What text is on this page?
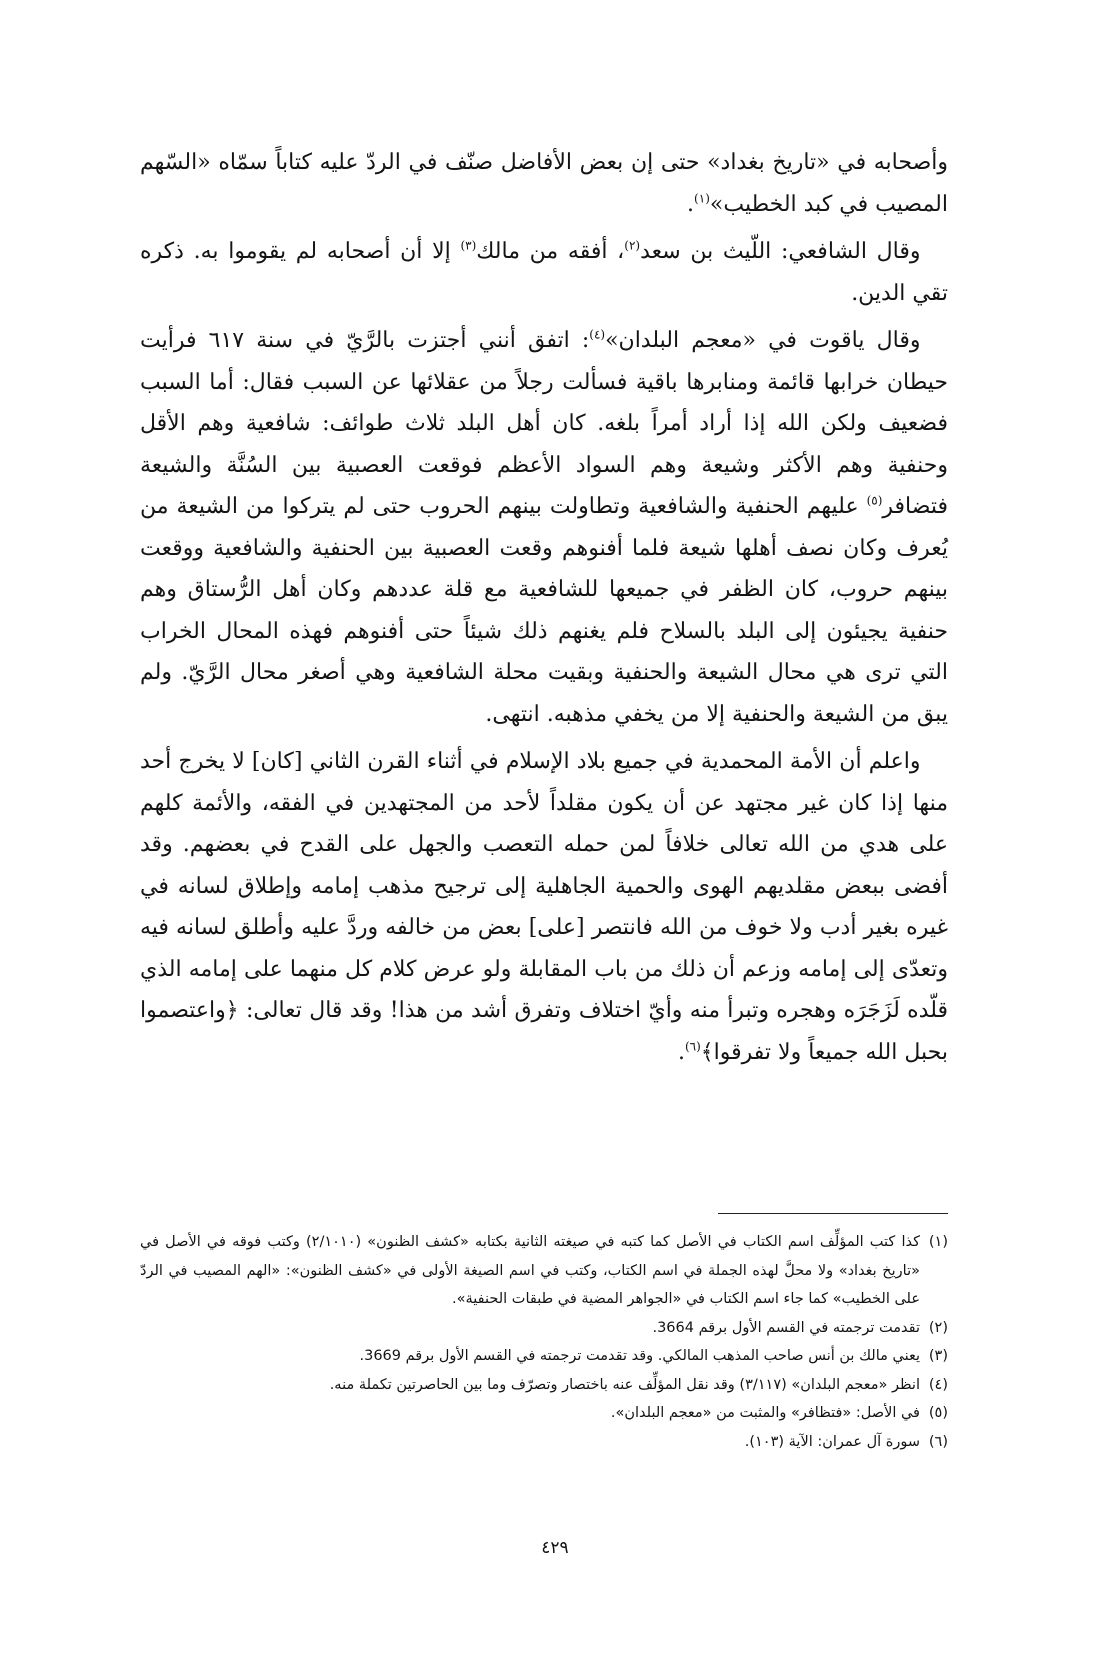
وأصحابه في «تاريخ بغداد» حتى إن بعض الأفاضل صنّف في الردّ عليه كتاباً سمّاه «السّهم المصيب في كبد الخطيب»$^{(١)}$.

وقال الشافعي: اللّيث بن سعد$^{(٢)}$، أفقه من مالك$^{(٣)}$ إلا أن أصحابه لم يقوموا به. ذكره تقي الدين.

وقال ياقوت في «معجم البلدان»$^{(٤)}$: اتفق أنني أجتزت بالرَّيّ في سنة ٦١٧ فرأيت حيطان خرابها قائمة ومنابرها باقية فسألت رجلاً من عقلائها عن السبب فقال: أما السبب فضعيف ولكن الله إذا أراد أمراً بلغه. كان أهل البلد ثلاث طوائف: شافعية وهم الأقل وحنفية وهم الأكثر وشيعة وهم السواد الأعظم فوقعت العصبية بين السُنَّة والشيعة فتضافر$^{(٥)}$ عليهم الحنفية والشافعية وتطاولت بينهم الحروب حتى لم يتركوا من الشيعة من يُعرف وكان نصف أهلها شيعة فلما أفنوهم وقعت العصبية بين الحنفية والشافعية ووقعت بينهم حروب، كان الظفر في جميعها للشافعية مع قلة عددهم وكان أهل الرُّستاق وهم حنفية يجيئون إلى البلد بالسلاح فلم يغنهم ذلك شيئاً حتى أفنوهم فهذه المحال الخراب التي ترى هي محال الشيعة والحنفية وبقيت محلة الشافعية وهي أصغر محال الرَّيّ. ولم يبق من الشيعة والحنفية إلا من يخفي مذهبه. انتهى.

واعلم أن الأمة المحمدية في جميع بلاد الإسلام في أثناء القرن الثاني [كان] لا يخرج أحد منها إذا كان غير مجتهد عن أن يكون مقلداً لأحد من المجتهدين في الفقه، والأئمة كلهم على هدي من الله تعالى خلافاً لمن حمله التعصب والجهل على القدح في بعضهم. وقد أفضى ببعض مقلديهم الهوى والحمية الجاهلية إلى ترجيح مذهب إمامه وإطلاق لسانه في غيره بغير أدب ولا خوف من الله فانتصر [على] بعض من خالفه وردَّ عليه وأطلق لسانه فيه وتعدّى إلى إمامه وزعم أن ذلك من باب المقابلة ولو عرض كلام كل منهما على إمامه الذي قلّده لَزَجَرَه وهجره وتبرأ منه وأيّ اختلاف وتفرق أشد من هذا! وقد قال تعالى: ﴿واعتصموا بحبل الله جميعاً ولا تفرقوا﴾$^{(٦)}$.

(١)كذا كتب المؤلِّف اسم الكتاب في الأصل كما كتبه في صيغته الثانية بكتابه «كشف الظنون» (٢/١٠١٠) وكتب فوقه في الأصل في «تاريخ بغداد» ولا محلَّ لهذه الجملة في اسم الكتاب، وكتب في اسم الصيغة الأولى في «كشف الظنون»: «الهم المصيب في الردّ على الخطيب» كما جاء اسم الكتاب في «الجواهر المضية في طبقات الحنفية».

(٢)تقدمت ترجمته في القسم الأول برقم 3664.

(٣)يعني مالك بن أنس صاحب المذهب المالكي. وقد تقدمت ترجمته في القسم الأول برقم 3669.

(٤)انظر «معجم البلدان» (٣/١١٧) وقد نقل المؤلِّف عنه باختصار وتصرّف وما بين الحاصرتين تكملة منه.

(٥)في الأصل: «فتظافر» والمثبت من «معجم البلدان».

(٦)سورة آل عمران: الآية (١٠٣).

٤٢٩
